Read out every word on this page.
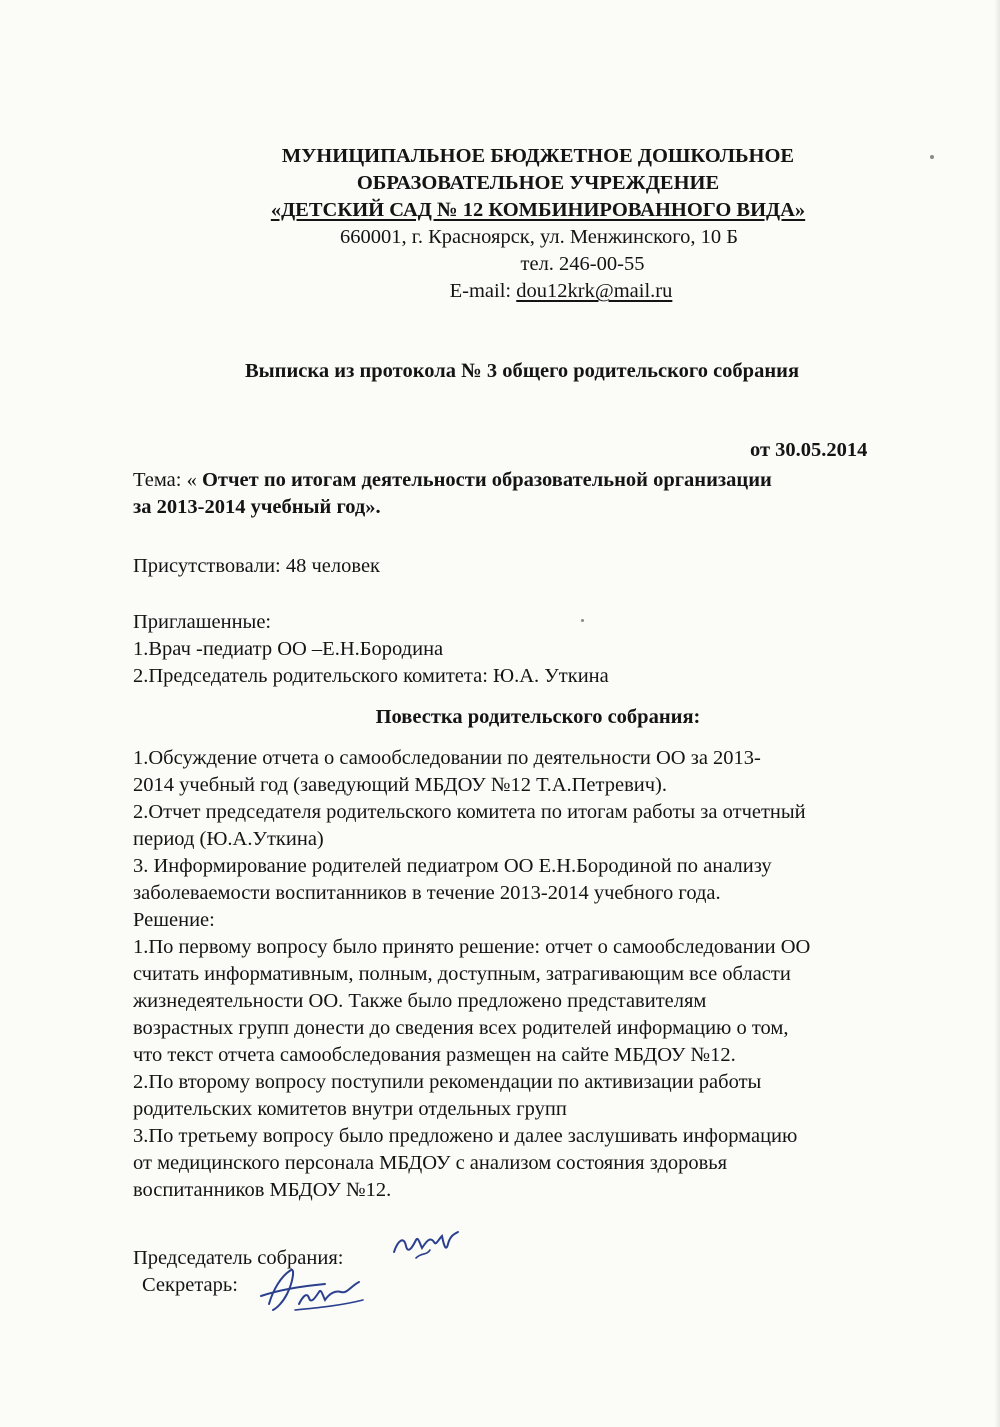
МУНИЦИПАЛЬНОЕ БЮДЖЕТНОЕ ДОШКОЛЬНОЕ
ОБРАЗОВАТЕЛЬНОЕ УЧРЕЖДЕНИЕ
«ДЕТСКИЙ САД № 12 КОМБИНИРОВАННОГО ВИДА»
660001, г. Красноярск, ул. Менжинского, 10 Б
тел. 246-00-55
E-mail: dou12krk@mail.ru
Выписка из протокола № 3 общего родительского собрания
от 30.05.2014
Тема: « Отчет по итогам деятельности образовательной организации
за 2013-2014 учебный год».
Присутствовали: 48 человек
Приглашенные:
1.Врач -педиатр ОО –Е.Н.Бородина
2.Председатель родительского комитета: Ю.А. Уткина
Повестка родительского собрания:
1.Обсуждение отчета о самообследовании по деятельности ОО за 2013-
2014 учебный год (заведующий МБДОУ №12 Т.А.Петревич).
2.Отчет председателя родительского комитета по итогам работы за отчетный
период (Ю.А.Уткина)
3. Информирование родителей педиатром ОО Е.Н.Бородиной по анализу
заболеваемости воспитанников в течение 2013-2014 учебного года.
Решение:
1.По первому вопросу было принято решение: отчет о самообследовании ОО
считать информативным, полным, доступным, затрагивающим все области
жизнедеятельности ОО. Также было предложено представителям
возрастных групп донести до сведения всех родителей информацию о том,
что текст отчета самообследования размещен на сайте МБДОУ №12.
2.По второму вопросу поступили рекомендации по активизации работы
родительских комитетов внутри отдельных групп
3.По третьему вопросу было предложено и далее заслушивать информацию
от медицинского персонала МБДОУ с анализом состояния здоровья
воспитанников МБДОУ №12.
Председатель собрания:
Секретарь:
